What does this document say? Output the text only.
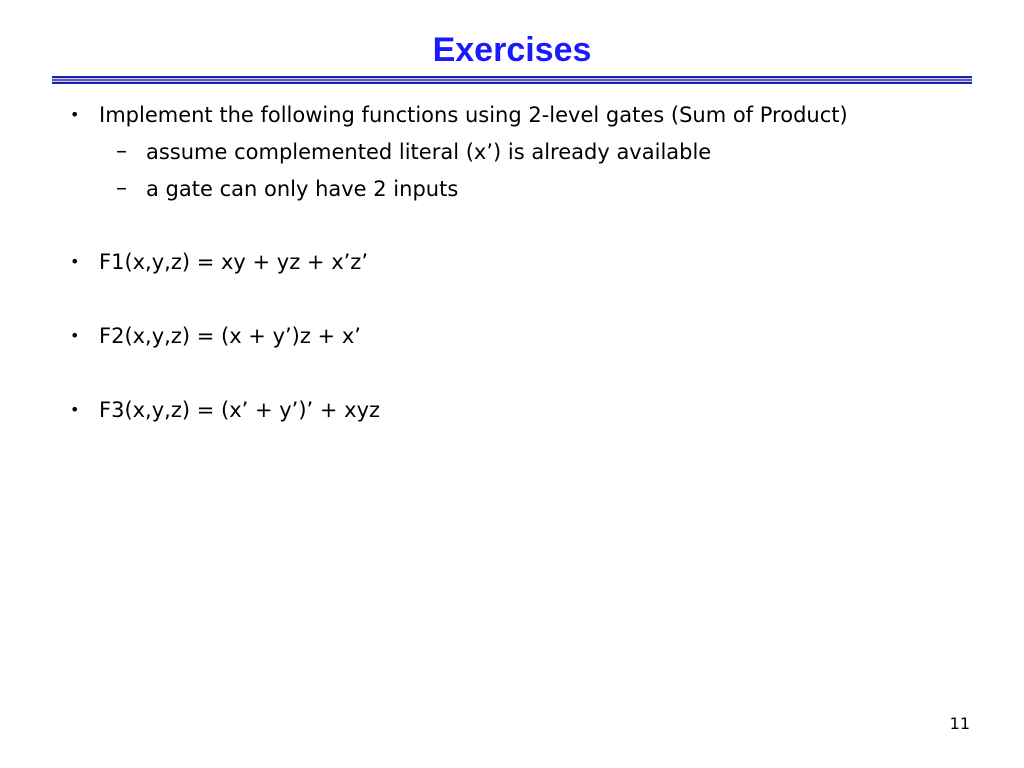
Exercises
• Implement the following functions using 2-level gates (Sum of Product)
– assume complemented literal (x’) is already available
– a gate can only have 2 inputs
• F1(x,y,z) = xy + yz + x’z’
• F2(x,y,z) = (x + y’)z + x’
• F3(x,y,z) = (x’ + y’)’ + xyz
11
